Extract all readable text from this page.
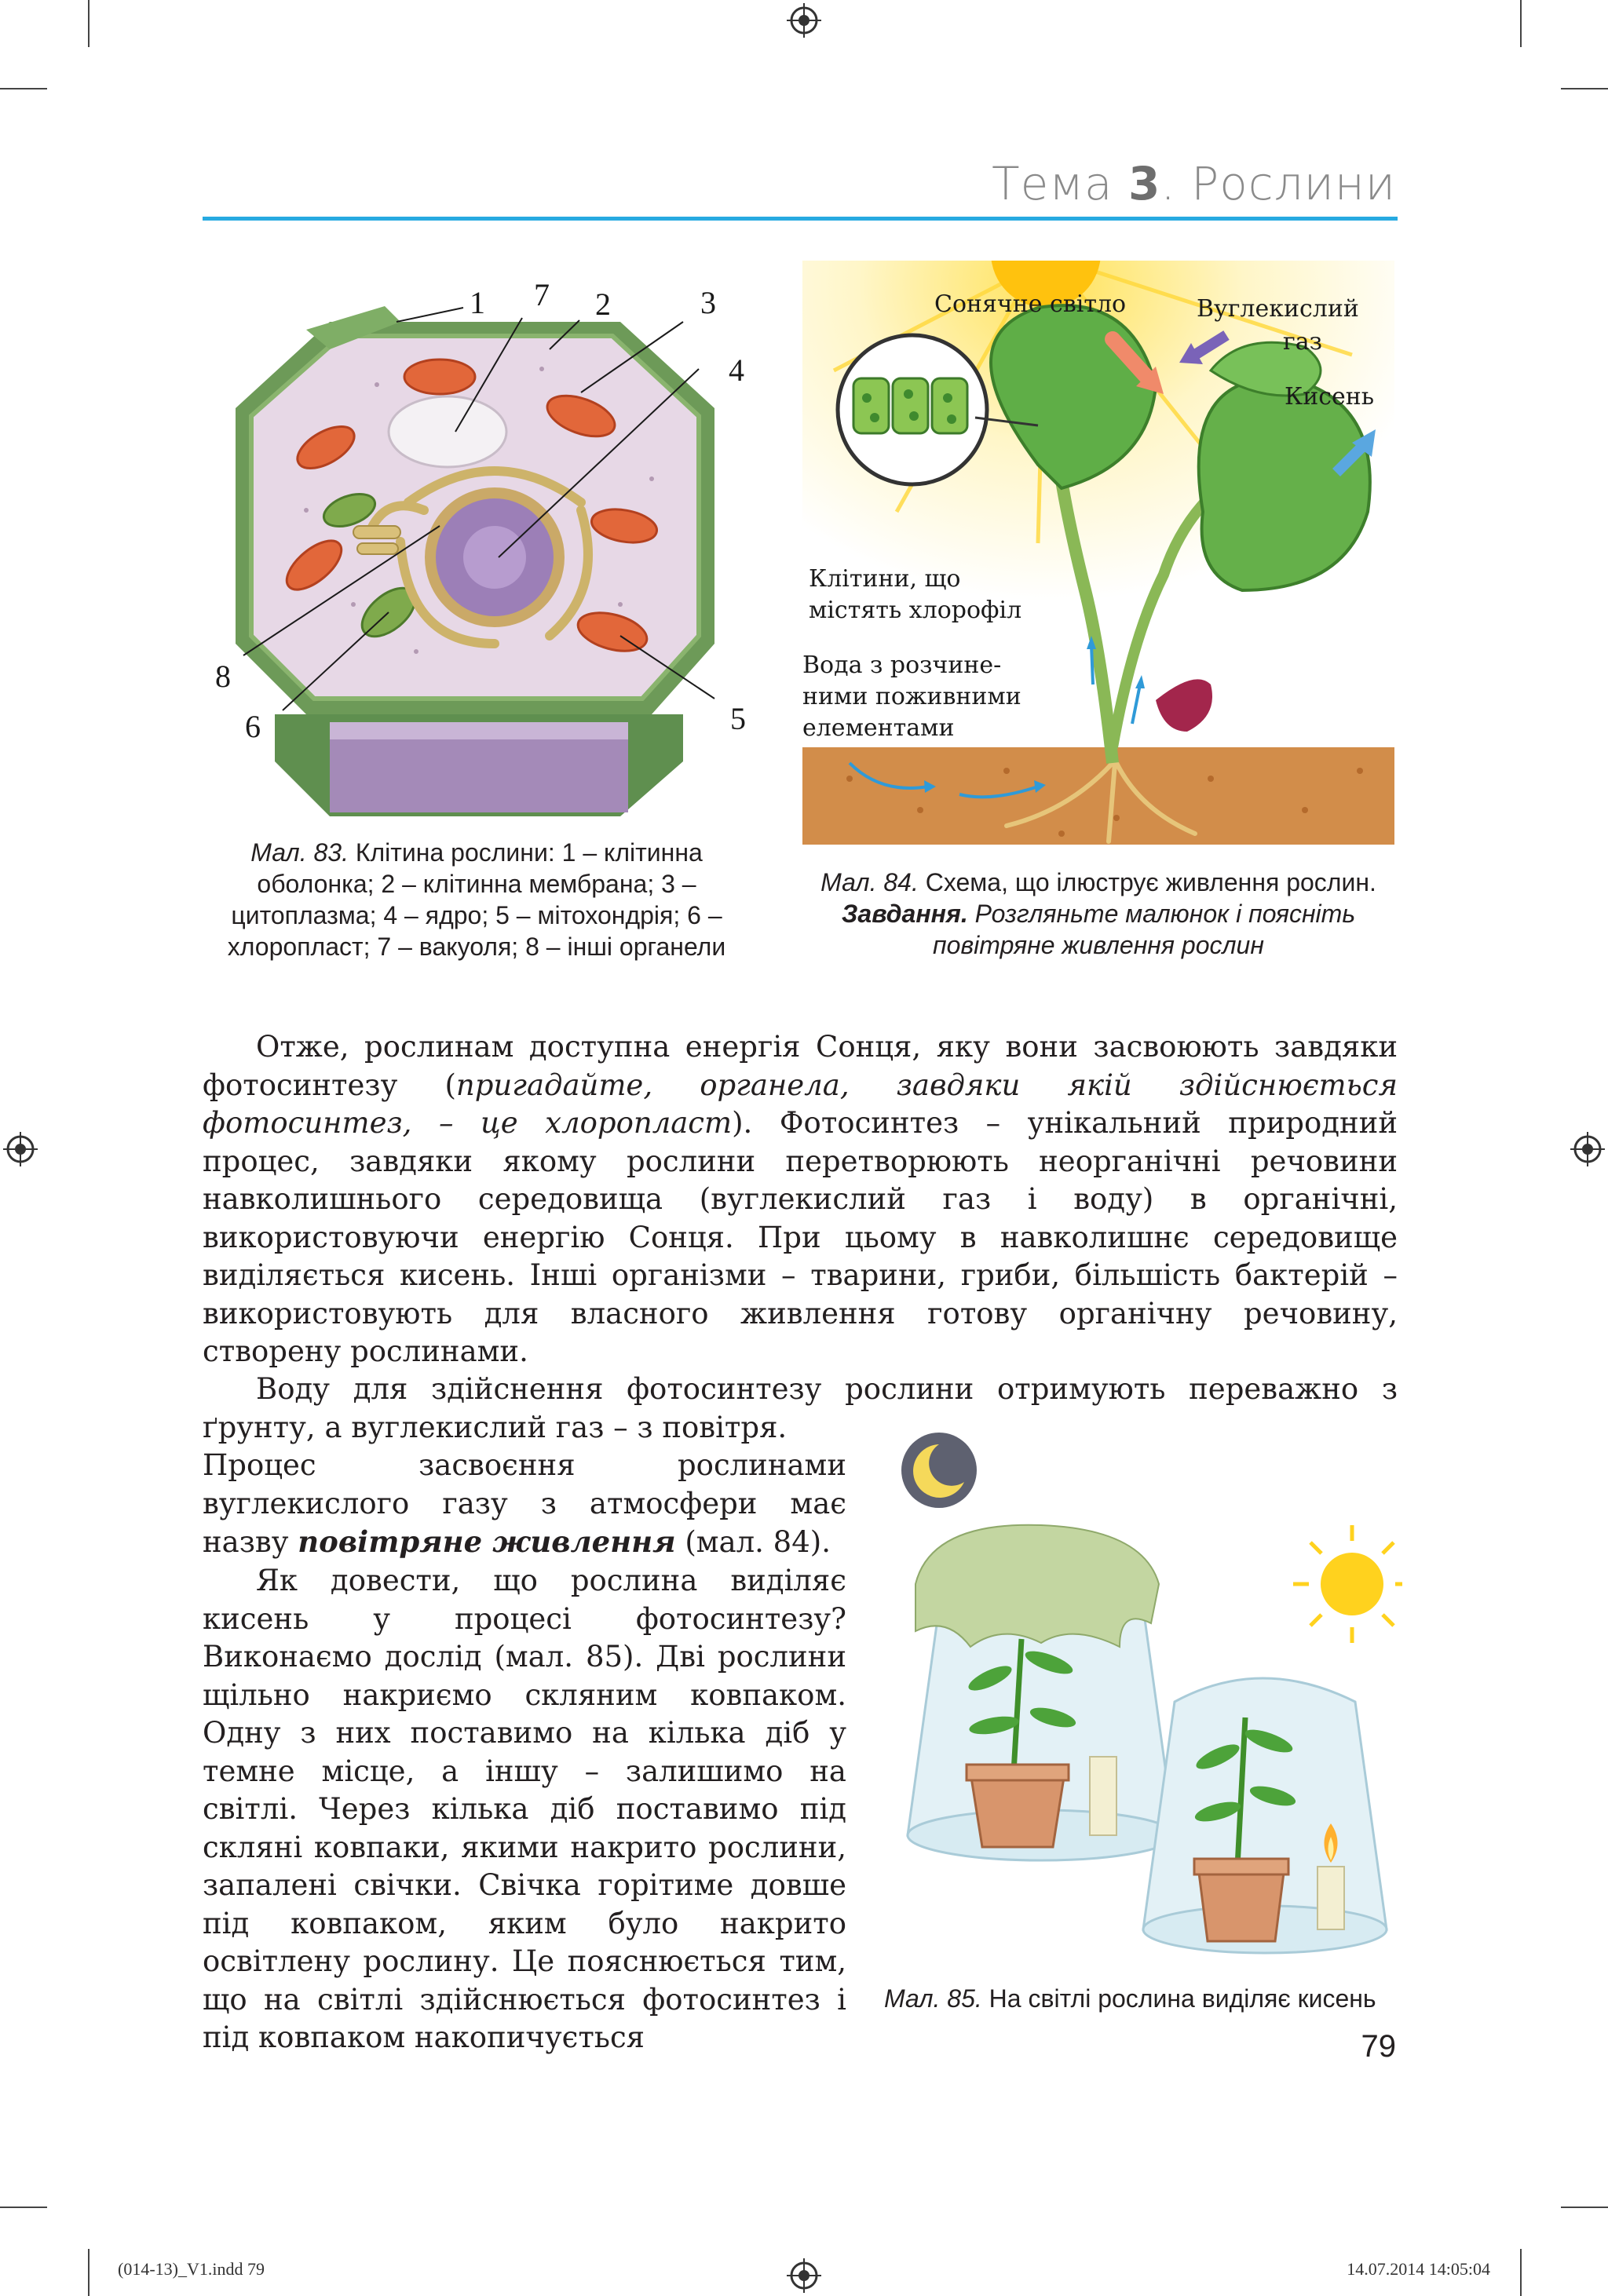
Тема 3. Рослини
1 7 2	3
4
8
6	5
Мал. 83. Клітина рослини: 1 – клітинна оболонка; 2 – клітинна мембрана; 3 – цитоплазма; 4 – ядро; 5 – мітохондрія; 6 – хлоропласт; 7 – вакуоля; 8 – інші органели
Сонячне світло	Вуглекислий
газ
Кисень
Клітини, що
містять хлорофіл
Вода з розчине-
ними поживними
елементами
Мал. 84. Схема, що ілюструє живлення рослин.
Завдання. Розгляньте малюнок і поясніть повітряне живлення рослин

Отже, рослинам доступна енергія Сонця, яку вони засвоюють завдяки фотосинтезу (пригадайте, органела, завдяки якій здійснюється фотосинтез, – це хлоропласт). Фотосинтез – унікальний природний процес, завдяки якому рослини перетворюють неорганічні речовини навколишнього середовища (вуглекислий газ і воду) в органічні, використовуючи енергію Сонця. При цьому в навколишнє середовище виділяється кисень. Інші організми – тварини, гриби, більшість бактерій – використовують для власного живлення готову органічну речовину, створену рослинами.

Воду для здійснення фотосинтезу рослини отримують переважно з ґрунту, а вуглекислий газ – з повітря.

Процес засвоєння рослинами вуглекислого газу з атмосфери має назву повітряне живлення (мал. 84).

Як довести, що рослина виділяє кисень у процесі фотосинтезу? Виконаємо дослід (мал. 85). Дві рослини щільно накриємо скляним ковпаком. Одну з них поставимо на кілька діб у темне місце, а іншу – залишимо на світлі. Через кілька діб поставимо під скляні ковпаки, якими накрито рослини, запалені свічки. Свічка горітиме довше під ковпаком, яким було накрито освітлену рослину. Це пояснюється тим, що на світлі здійснюється фотосинтез і під ковпаком накопичується

Мал. 85. На світлі рослина виділяє кисень
79
(014-13)_V1.indd 79	14.07.2014 14:05:04
